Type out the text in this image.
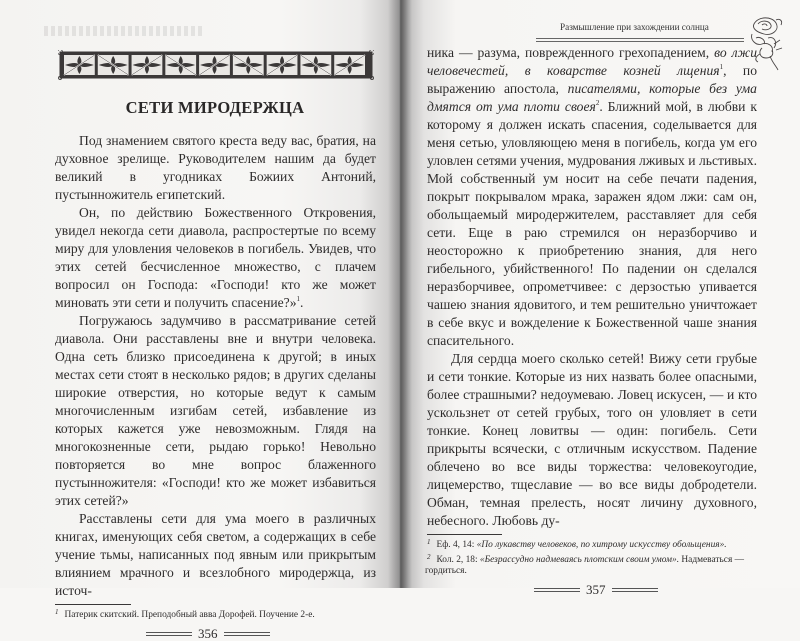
СЕТИ МИРОДЕРЖЦА

Под знамением святого креста веду вас, братия, на духовное зрелище. Руководителем нашим да будет великий в угодниках Божиих Антоний, пустынножитель египетский.

Он, по действию Божественного Откровения, увидел некогда сети диавола, распростертые по всему миру для уловления человеков в погибель. Увидев, что этих сетей бесчисленное множество, с плачем вопросил он Господа: «Господи! кто же может миновать эти сети и получить спасение?»$^1$.

Погружаюсь задумчиво в рассматривание сетей диавола. Они расставлены вне и внутри человека. Одна сеть близко присоединена к другой; в иных местах сети стоят в несколько рядов; в других сделаны широкие отверстия, но которые ведут к самым многочисленным изгибам сетей, избавление из которых кажется уже невозможным. Глядя на многокозненные сети, рыдаю горько! Невольно повторяется во мне вопрос блаженного пустынножителя: «Господи! кто же может избавиться этих сетей?»

Расставлены сети для ума моего в различных книгах, именующих себя светом, а содержащих в себе учение тьмы, написанных под явным или прикрытым влиянием мрачного и всезлобного миродержца, из источ-

$^1$ Патерик скитский. Преподобный авва Дорофей. Поучение 2-е.
356
Размышление при захождении солнца

ника — разума, поврежденного грехопадением, во лжи человечестей, в коварстве козней лщения$^1$, по выражению апостола, писателями, которые без ума дмятся от ума плоти своея$^2$. Ближний мой, в любви к которому я должен искать спасения, соделывается для меня сетью, уловляющею меня в погибель, когда ум его уловлен сетями учения, мудрования лживых и льстивых. Мой собственный ум носит на себе печати падения, покрыт покрывалом мрака, заражен ядом лжи: сам он, обольщаемый миродержителем, расставляет для себя сети. Еще в раю стремился он неразборчиво и неосторожно к приобретению знания, для него гибельного, убийственного! По падении он сделался неразборчивее, опрометчивее: с дерзостью упивается чашею знания ядовитого, и тем решительно уничтожает в себе вкус и вожделение к Божественной чаше знания спасительного.

Для сердца моего сколько сетей! Вижу сети грубые и сети тонкие. Которые из них назвать более опасными, более страшными? недоумеваю. Ловец искусен, — и кто ускользнет от сетей грубых, того он уловляет в сети тонкие. Конец ловитвы — один: погибель. Сети прикрыты всячески, с отличным искусством. Падение облечено во все виды торжества: человекоугодие, лицемерство, тщеславие — во все виды добродетели. Обман, темная прелесть, носят личину духовного, небесного. Любовь ду-

$^1$ Еф. 4, 14: «По лукавству человеков, по хитрому искусству обольщения».
$^2$ Кол. 2, 18: «Безрассудно надмеваясь плотским своим умом». Надмеваться — гордиться.
357
